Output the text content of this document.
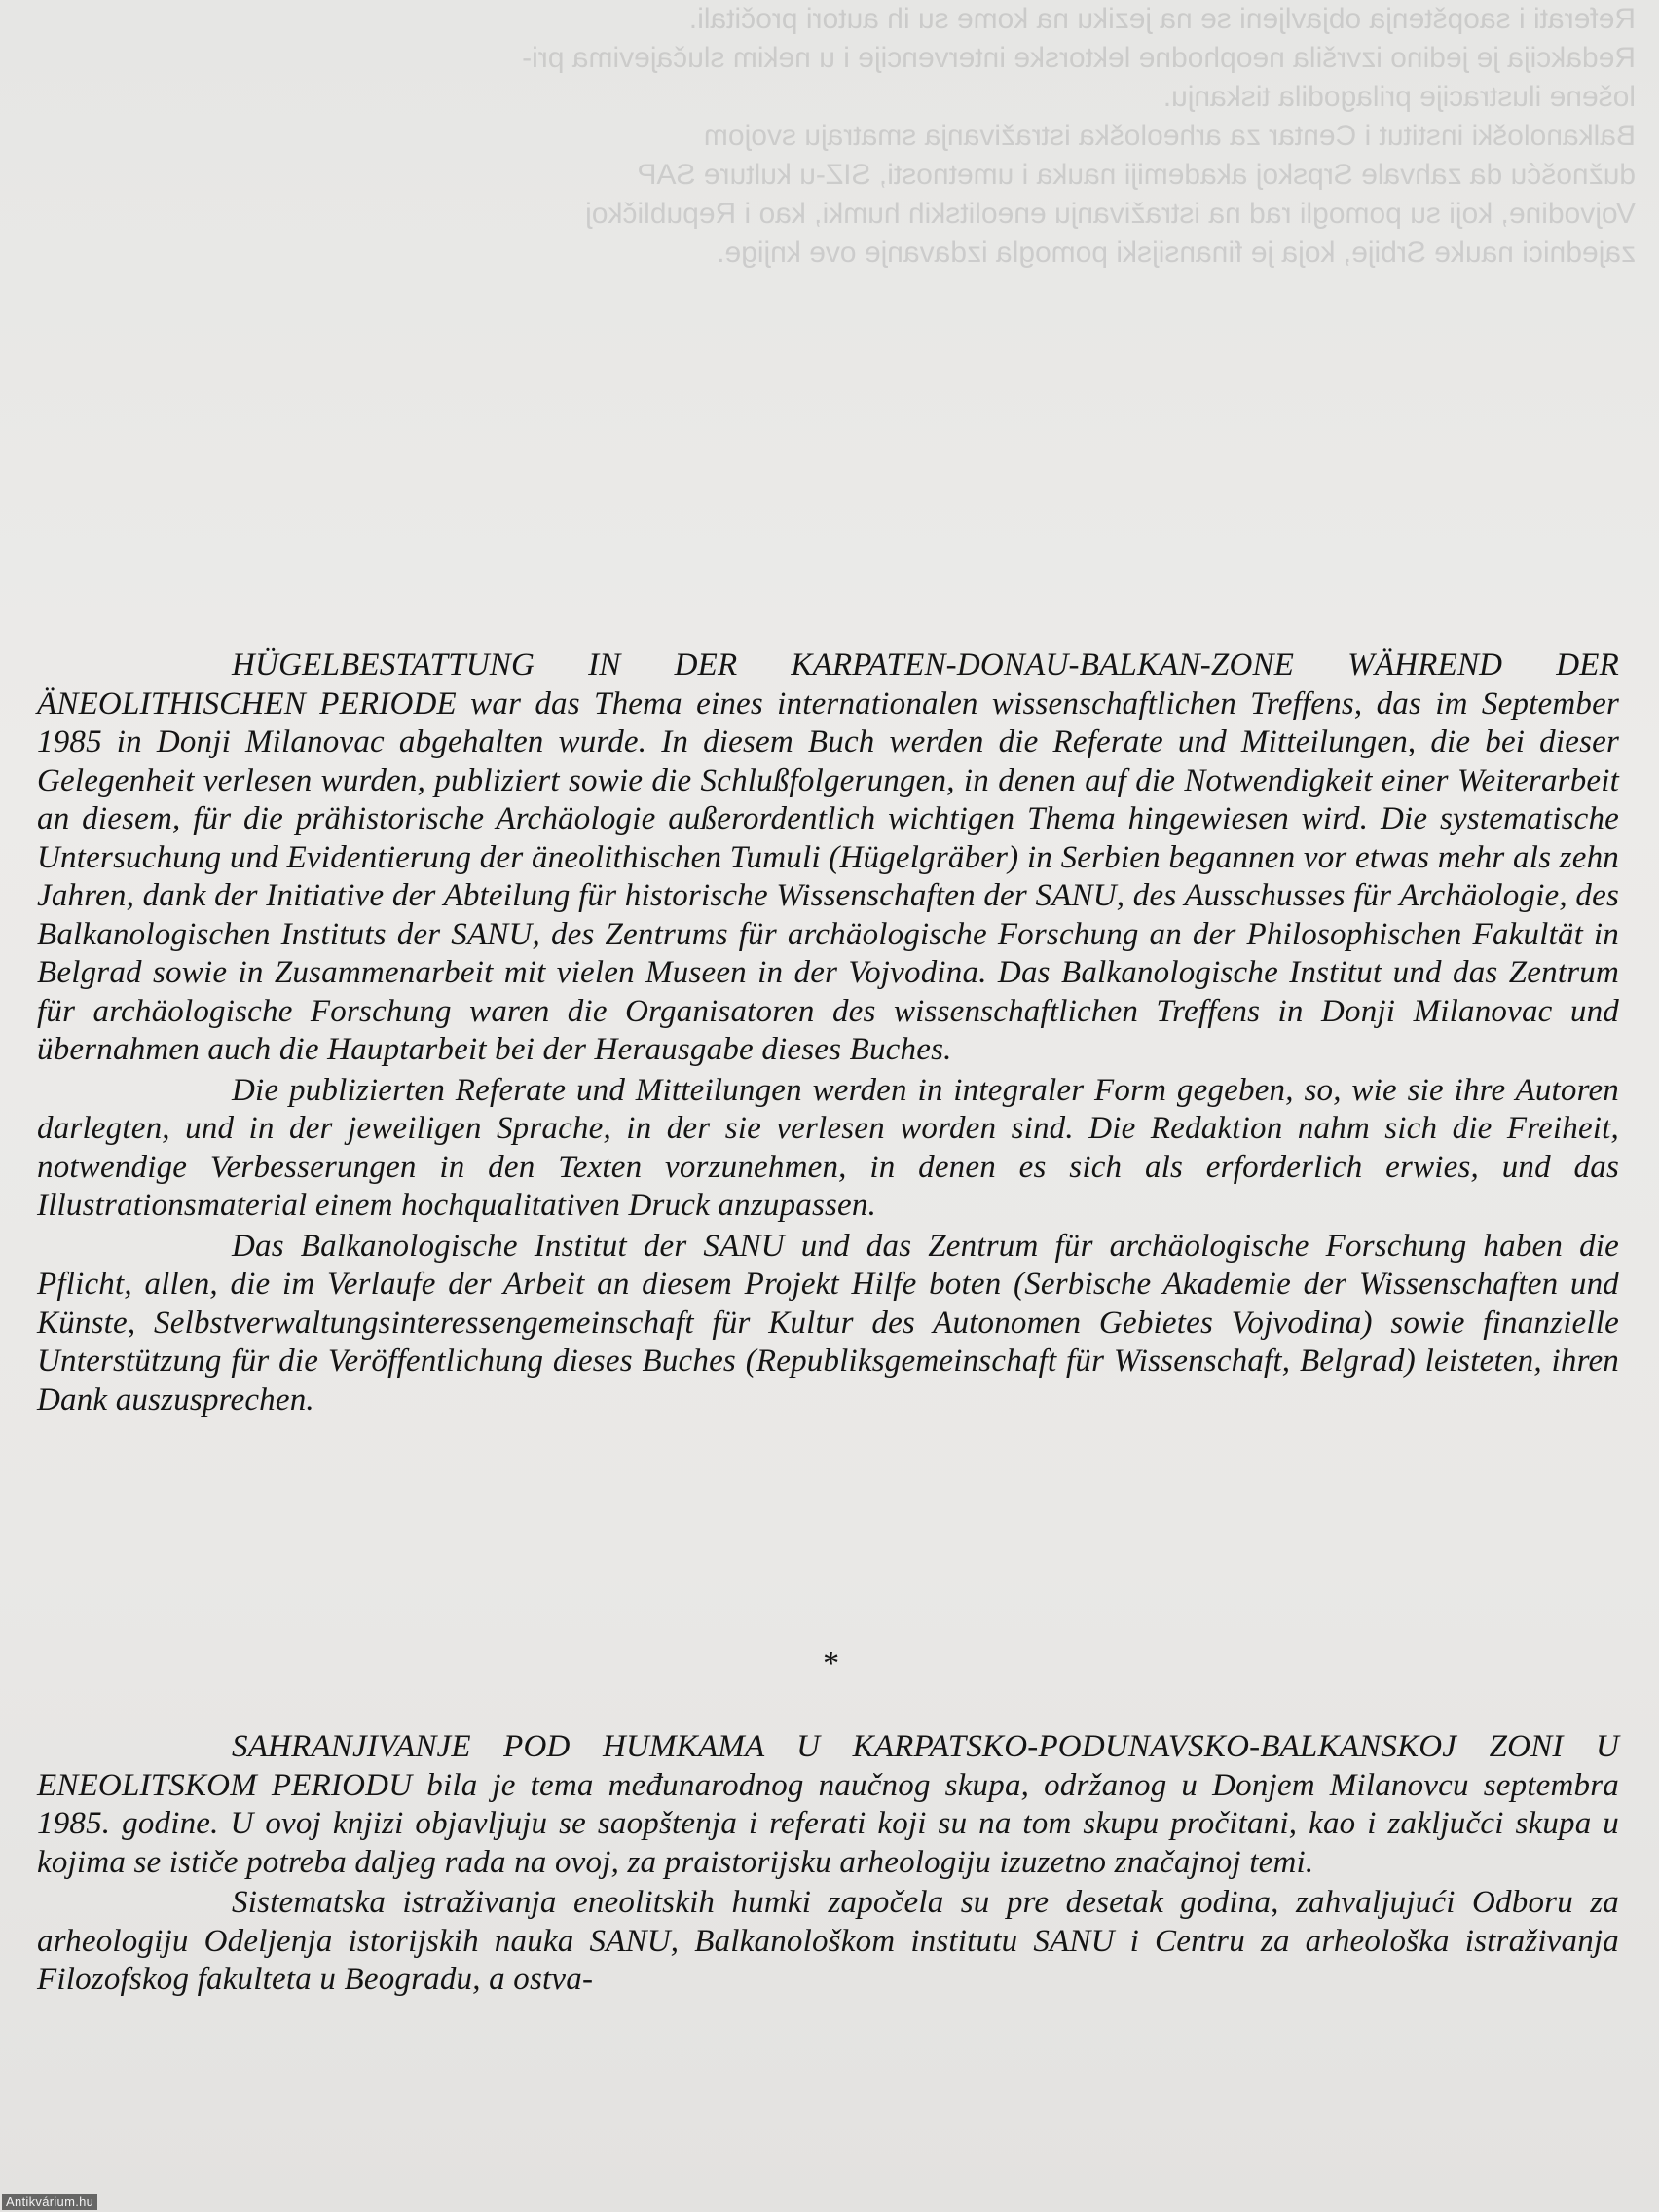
Referati i saopštenja objavljeni se na jeziku na kome su ih autori pročitali.
Redakcija je jedino izvršila neophodne lektorske intervencije i u nekim slučajevima pri-
lošene ilustracije prilagodila tiskanju.
Balkanološki institut i Centar za arheološka istraživanja smatraju svojom
dužnošću da zahvale Srpskoj akademiji nauka i umetnosti, SIZ-u kulture SAP
Vojvodine, koji su pomogli rad na istraživanju eneolitskih humki, kao i Republičkoj
zajednici nauke Srbije, koja je finansijski pomogla izdavanje ove knjige.

HÜGELBESTATTUNG IN DER KARPATEN-DONAU-BALKAN-ZONE WÄHREND DER ÄNEOLITHISCHEN PERIODE war das Thema eines internationalen wissenschaftlichen Treffens, das im September 1985 in Donji Milanovac abgehalten wurde. In diesem Buch werden die Referate und Mitteilungen, die bei dieser Gelegenheit verlesen wurden, publiziert sowie die Schlußfolgerungen, in denen auf die Notwendigkeit einer Weiterarbeit an diesem, für die prähistorische Archäologie außerordentlich wichtigen Thema hingewiesen wird. Die systematische Untersuchung und Evidentierung der äneolithischen Tumuli (Hügelgräber) in Serbien begannen vor etwas mehr als zehn Jahren, dank der Initiative der Abteilung für historische Wissenschaften der SANU, des Ausschusses für Archäologie, des Balkanologischen Instituts der SANU, des Zentrums für archäologische Forschung an der Philosophischen Fakultät in Belgrad sowie in Zusammenarbeit mit vielen Museen in der Vojvodina. Das Balkanologische Institut und das Zentrum für archäologische Forschung waren die Organisatoren des wissenschaftlichen Treffens in Donji Milanovac und übernahmen auch die Hauptarbeit bei der Herausgabe dieses Buches.

Die publizierten Referate und Mitteilungen werden in integraler Form gegeben, so, wie sie ihre Autoren darlegten, und in der jeweiligen Sprache, in der sie verlesen worden sind. Die Redaktion nahm sich die Freiheit, notwendige Verbesserungen in den Texten vorzunehmen, in denen es sich als erforderlich erwies, und das Illustrationsmaterial einem hochqualitativen Druck anzupassen.

Das Balkanologische Institut der SANU und das Zentrum für archäologische Forschung haben die Pflicht, allen, die im Verlaufe der Arbeit an diesem Projekt Hilfe boten (Serbische Akademie der Wissenschaften und Künste, Selbstverwaltungsinteressengemeinschaft für Kultur des Autonomen Gebietes Vojvodina) sowie finanzielle Unterstützung für die Veröffentlichung dieses Buches (Republiksgemeinschaft für Wissenschaft, Belgrad) leisteten, ihren Dank auszusprechen.

*

SAHRANJIVANJE POD HUMKAMA U KARPATSKO-PODUNAVSKO-BALKANSKOJ ZONI U ENEOLITSKOM PERIODU bila je tema međunarodnog naučnog skupa, održanog u Donjem Milanovcu septembra 1985. godine. U ovoj knjizi objavljuju se saopštenja i referati koji su na tom skupu pročitani, kao i zaključci skupa u kojima se ističe potreba daljeg rada na ovoj, za praistorijsku arheologiju izuzetno značajnoj temi.

Sistematska istraživanja eneolitskih humki započela su pre desetak godina, zahvaljujući Odboru za arheologiju Odeljenja istorijskih nauka SANU, Balkanološkom institutu SANU i Centru za arheološka istraživanja Filozofskog fakulteta u Beogradu, a ostva-

Antikvárium.hu
